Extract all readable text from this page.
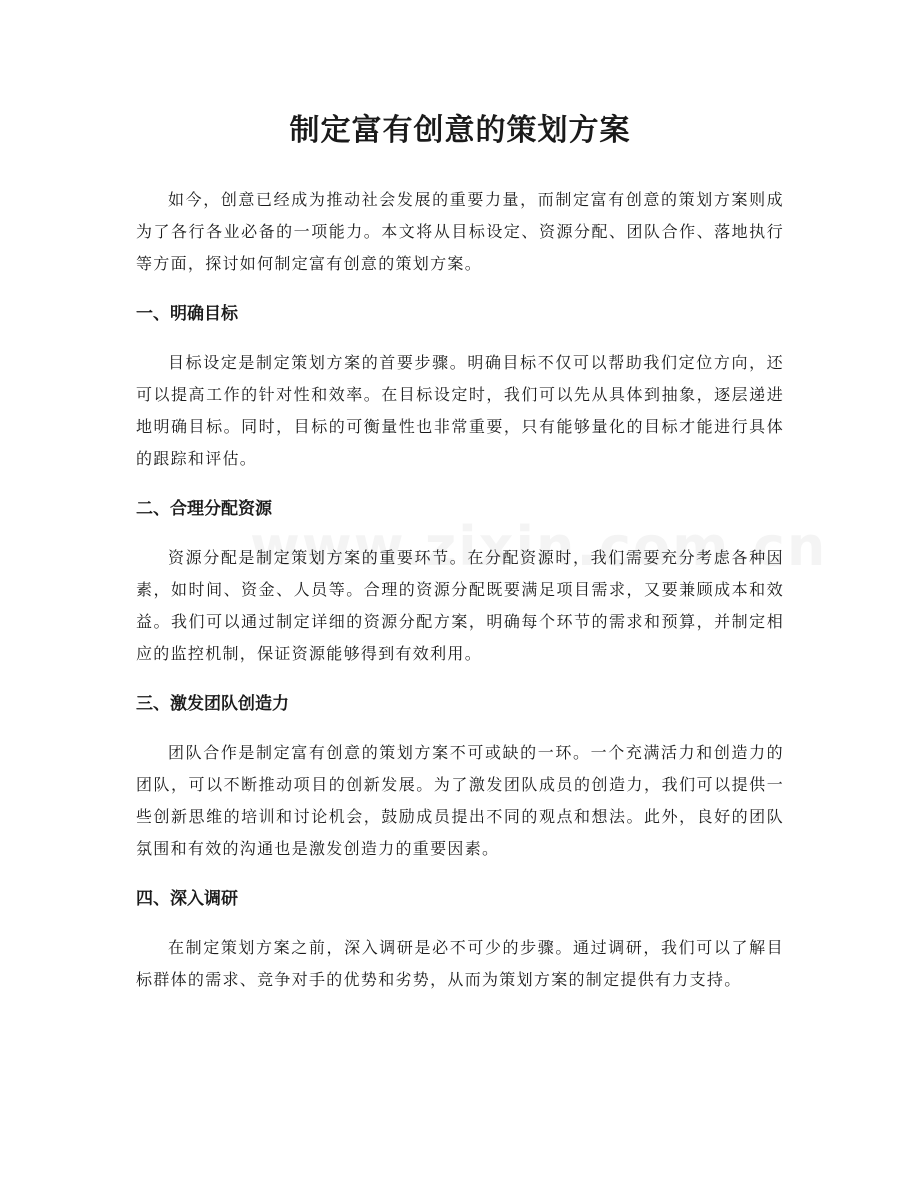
制定富有创意的策划方案

如今，创意已经成为推动社会发展的重要力量，而制定富有创意的策划方案则成为了各行各业必备的一项能力。本文将从目标设定、资源分配、团队合作、落地执行等方面，探讨如何制定富有创意的策划方案。

一、明确目标

目标设定是制定策划方案的首要步骤。明确目标不仅可以帮助我们定位方向，还可以提高工作的针对性和效率。在目标设定时，我们可以先从具体到抽象，逐层递进地明确目标。同时，目标的可衡量性也非常重要，只有能够量化的目标才能进行具体的跟踪和评估。

二、合理分配资源

资源分配是制定策划方案的重要环节。在分配资源时，我们需要充分考虑各种因素，如时间、资金、人员等。合理的资源分配既要满足项目需求，又要兼顾成本和效益。我们可以通过制定详细的资源分配方案，明确每个环节的需求和预算，并制定相应的监控机制，保证资源能够得到有效利用。

三、激发团队创造力

团队合作是制定富有创意的策划方案不可或缺的一环。一个充满活力和创造力的团队，可以不断推动项目的创新发展。为了激发团队成员的创造力，我们可以提供一些创新思维的培训和讨论机会，鼓励成员提出不同的观点和想法。此外，良好的团队氛围和有效的沟通也是激发创造力的重要因素。

四、深入调研

在制定策划方案之前，深入调研是必不可少的步骤。通过调研，我们可以了解目标群体的需求、竞争对手的优势和劣势，从而为策划方案的制定提供有力支持。
